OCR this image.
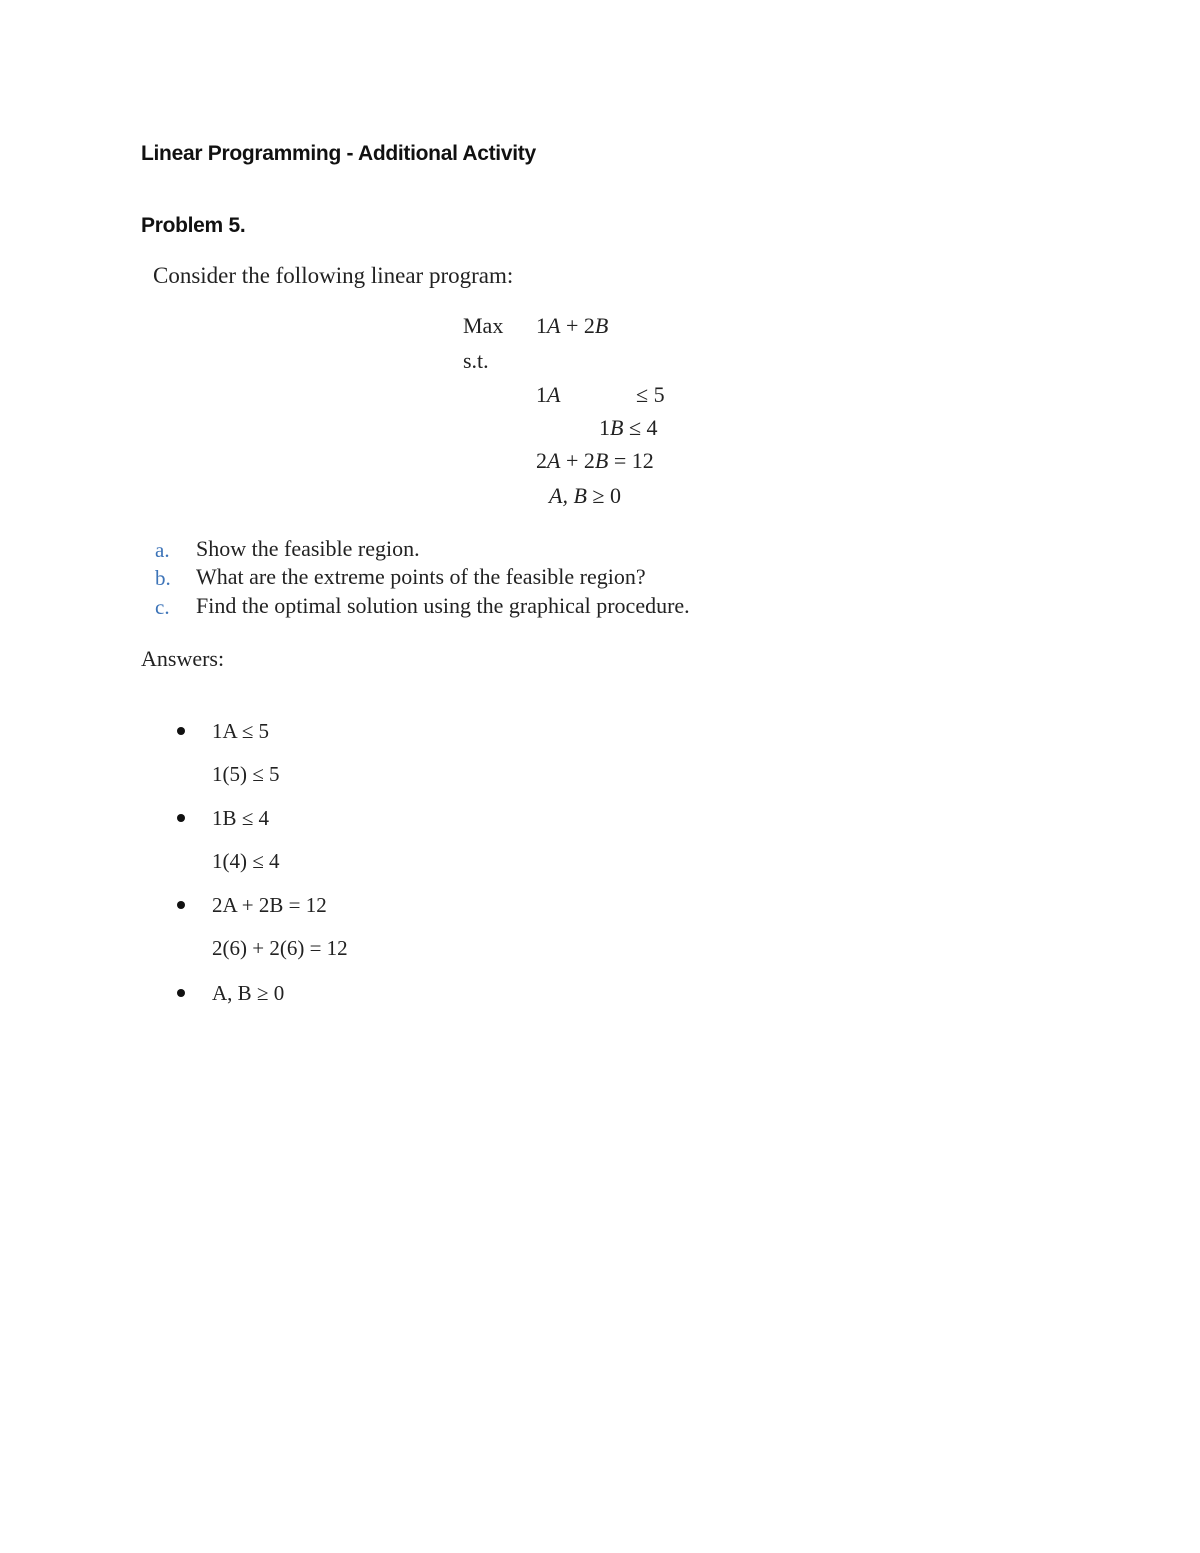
Linear Programming - Additional Activity
Problem 5.
Consider the following linear program:
Max 1A + 2B
s.t.
1A	≤ 5
1B ≤ 4
2A + 2B = 12
A, B ≥ 0
a. Show the feasible region.
b. What are the extreme points of the feasible region?
c. Find the optimal solution using the graphical procedure.
Answers:
1A ≤ 5
1(5) ≤ 5
1B ≤ 4
1(4) ≤ 4
2A + 2B = 12
2(6) + 2(6) = 12
A, B ≥ 0
